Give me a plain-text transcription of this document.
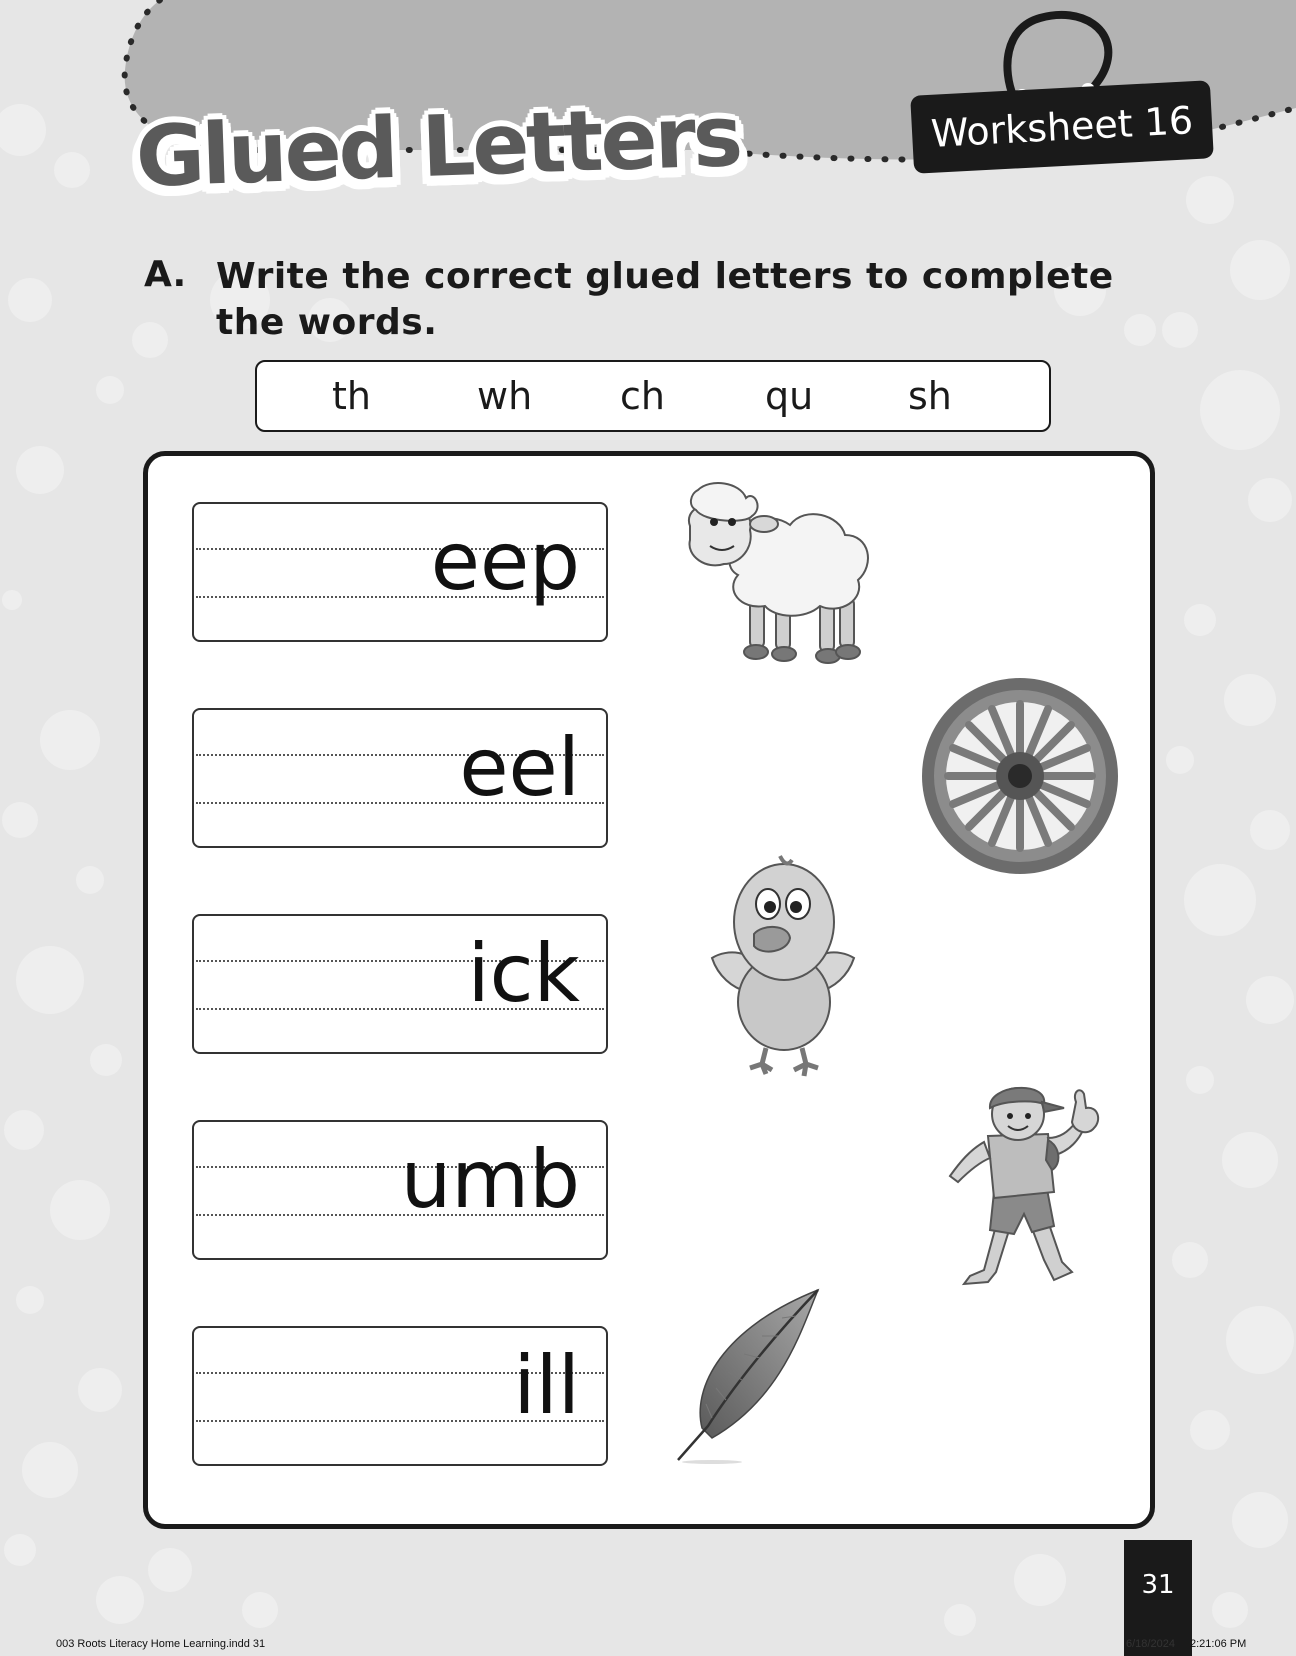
Worksheet 16
Glued Letters
A. Write the correct glued letters to complete the words.
th	wh ch	qu sh
eep
eel
ick
umb
ill
31
003 Roots Literacy Home Learning.indd 31	6/18/2024 2:21:06 PM
